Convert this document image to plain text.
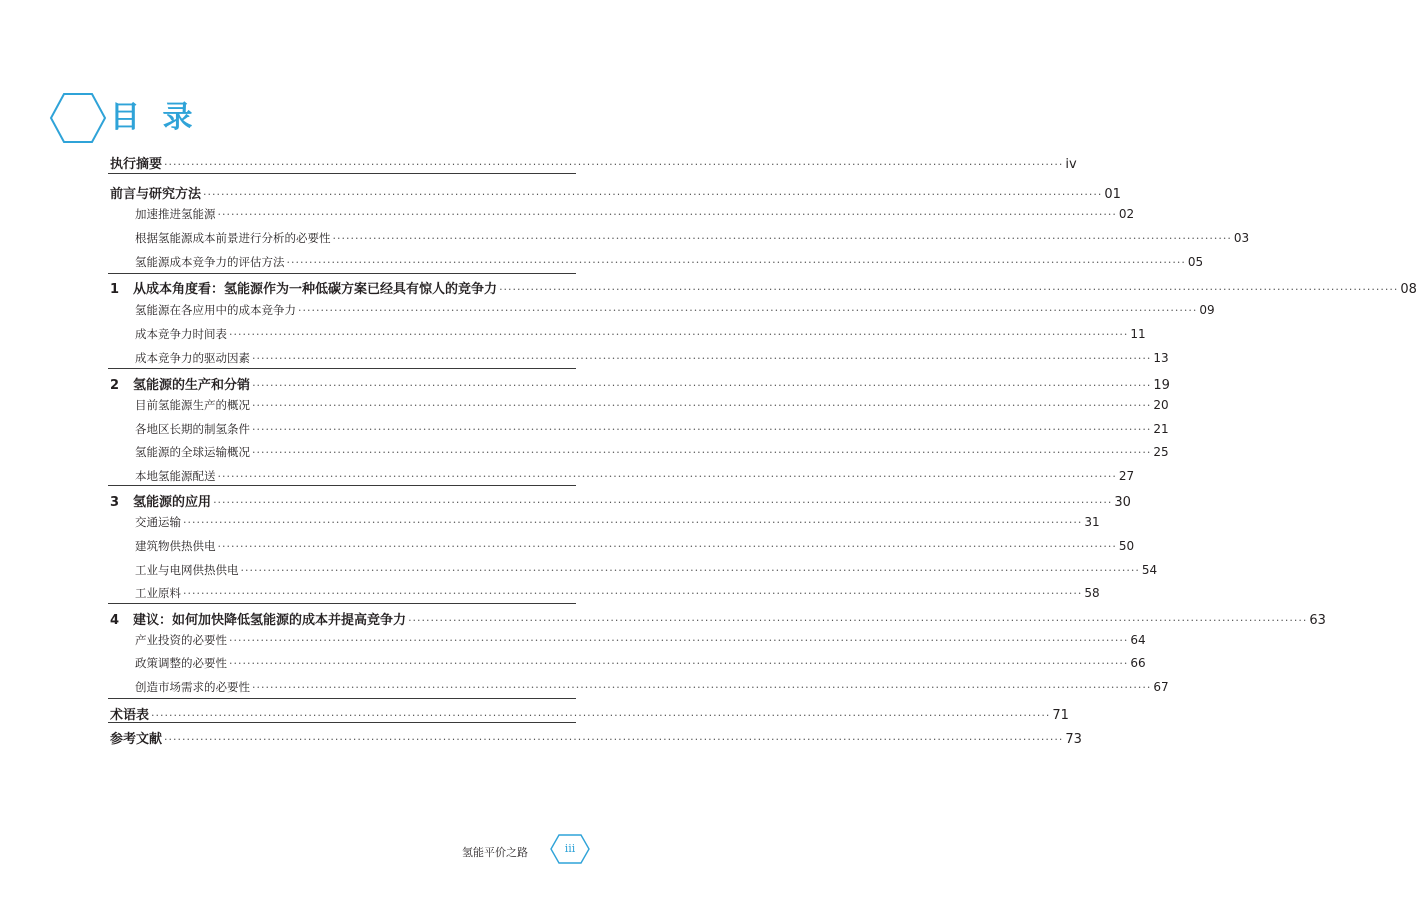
目 录
执行摘要 ········································································································································································································ iv
前言与研究方法 ········································································································································································································ 01
加速推进氢能源 ········································································································································································································ 02
根据氢能源成本前景进行分析的必要性 ········································································································································································································ 03
氢能源成本竞争力的评估方法 ········································································································································································································ 05
1 从成本角度看：氢能源作为一种低碳方案已经具有惊人的竞争力 ········································································································································································································ 08
氢能源在各应用中的成本竞争力 ········································································································································································································ 09
成本竞争力时间表 ········································································································································································································ 11
成本竞争力的驱动因素 ········································································································································································································ 13
2 氢能源的生产和分销 ········································································································································································································ 19
目前氢能源生产的概况 ········································································································································································································ 20
各地区长期的制氢条件 ········································································································································································································ 21
氢能源的全球运输概况 ········································································································································································································ 25
本地氢能源配送 ········································································································································································································ 27
3 氢能源的应用 ········································································································································································································ 30
交通运输 ········································································································································································································ 31
建筑物供热供电 ········································································································································································································ 50
工业与电网供热供电 ········································································································································································································ 54
工业原料 ········································································································································································································ 58
4 建议：如何加快降低氢能源的成本并提高竞争力 ········································································································································································································ 63
产业投资的必要性 ········································································································································································································ 64
政策调整的必要性 ········································································································································································································ 66
创造市场需求的必要性 ········································································································································································································ 67
术语表 ········································································································································································································ 71
参考文献 ········································································································································································································ 73
氢能平价之路	iii
